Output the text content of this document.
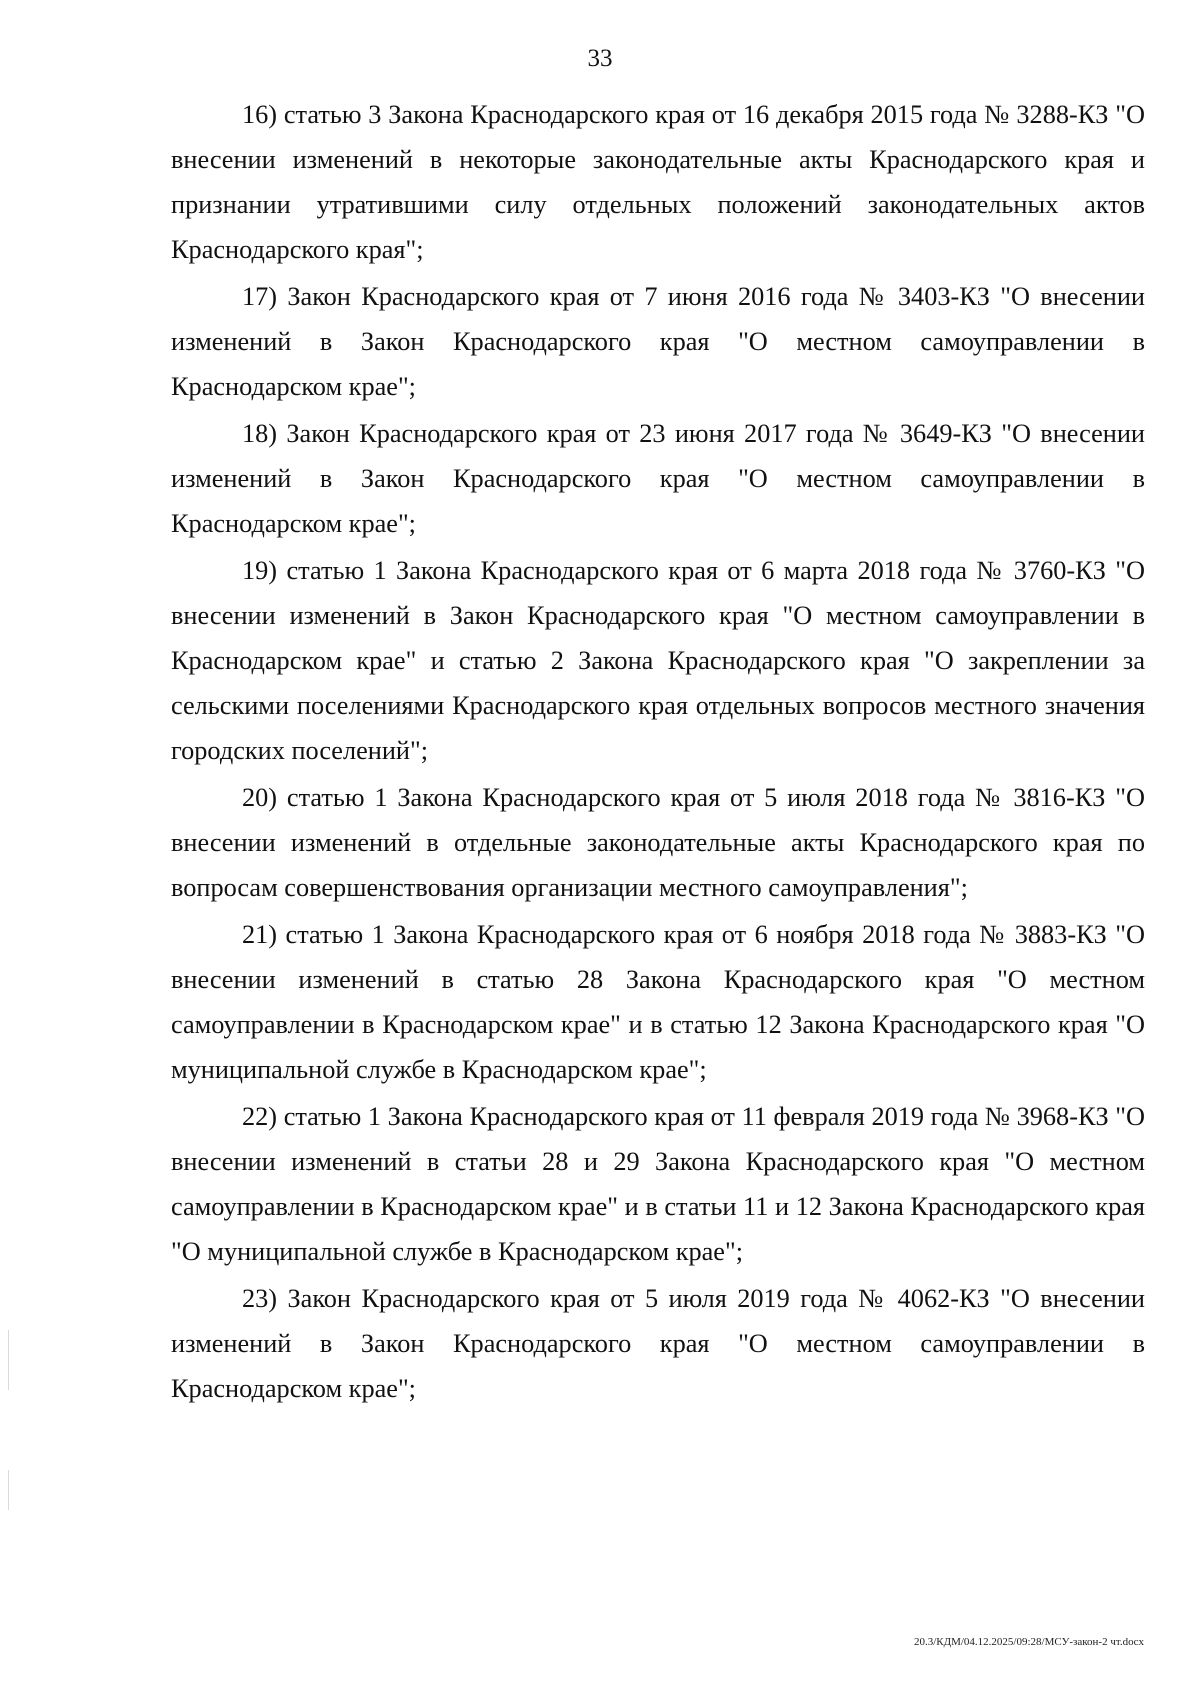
33

16) статью 3 Закона Краснодарского края от 16 декабря 2015 года № 3288-КЗ "О внесении изменений в некоторые законодательные акты Краснодарского края и признании утратившими силу отдельных положений законодательных актов Краснодарского края";

17) Закон Краснодарского края от 7 июня 2016 года № 3403-КЗ "О внесении изменений в Закон Краснодарского края "О местном самоуправлении в Краснодарском крае";

18) Закон Краснодарского края от 23 июня 2017 года № 3649-КЗ "О внесении изменений в Закон Краснодарского края "О местном самоуправлении в Краснодарском крае";

19) статью 1 Закона Краснодарского края от 6 марта 2018 года № 3760-КЗ "О внесении изменений в Закон Краснодарского края "О местном самоуправлении в Краснодарском крае" и статью 2 Закона Краснодарского края "О закреплении за сельскими поселениями Краснодарского края отдельных вопросов местного значения городских поселений";

20) статью 1 Закона Краснодарского края от 5 июля 2018 года № 3816-КЗ "О внесении изменений в отдельные законодательные акты Краснодарского края по вопросам совершенствования организации местного самоуправления";

21) статью 1 Закона Краснодарского края от 6 ноября 2018 года № 3883-КЗ "О внесении изменений в статью 28 Закона Краснодарского края "О местном самоуправлении в Краснодарском крае" и в статью 12 Закона Краснодарского края "О муниципальной службе в Краснодарском крае";

22) статью 1 Закона Краснодарского края от 11 февраля 2019 года № 3968-КЗ "О внесении изменений в статьи 28 и 29 Закона Краснодарского края "О местном самоуправлении в Краснодарском крае" и в статьи 11 и 12 Закона Краснодарского края "О муниципальной службе в Краснодарском крае";

23) Закон Краснодарского края от 5 июля 2019 года № 4062-КЗ "О внесении изменений в Закон Краснодарского края "О местном самоуправлении в Краснодарском крае";

20.3/КДМ/04.12.2025/09:28/МСУ-закон-2 чт.docx
